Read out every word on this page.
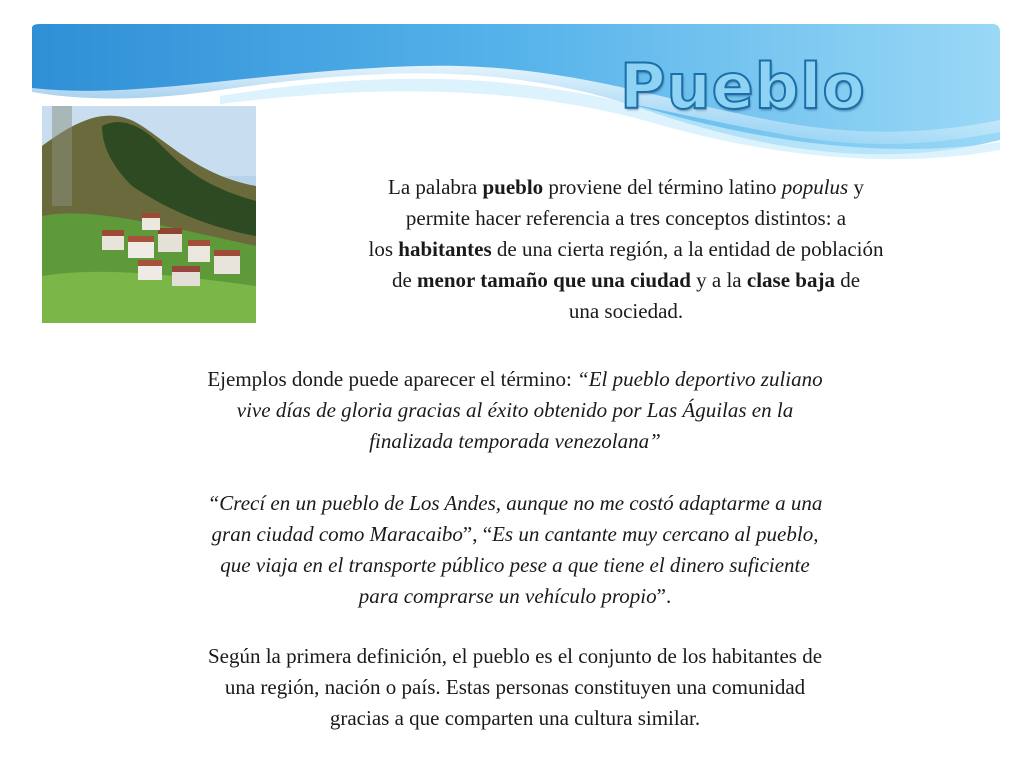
Pueblo
La palabra pueblo proviene del término latino populus y
permite hacer referencia a tres conceptos distintos: a
los habitantes de una cierta región, a la entidad de población
de menor tamaño que una ciudad y a la clase baja de
una sociedad.
Ejemplos donde puede aparecer el término: “El pueblo deportivo zuliano
vive días de gloria gracias al éxito obtenido por Las Águilas en la
finalizada temporada venezolana”
“Crecí en un pueblo de Los Andes, aunque no me costó adaptarme a una
gran ciudad como Maracaibo”, “Es un cantante muy cercano al pueblo,
que viaja en el transporte público pese a que tiene el dinero suficiente
para comprarse un vehículo propio”.
Según la primera definición, el pueblo es el conjunto de los habitantes de
una región, nación o país. Estas personas constituyen una comunidad
gracias a que comparten una cultura similar.
